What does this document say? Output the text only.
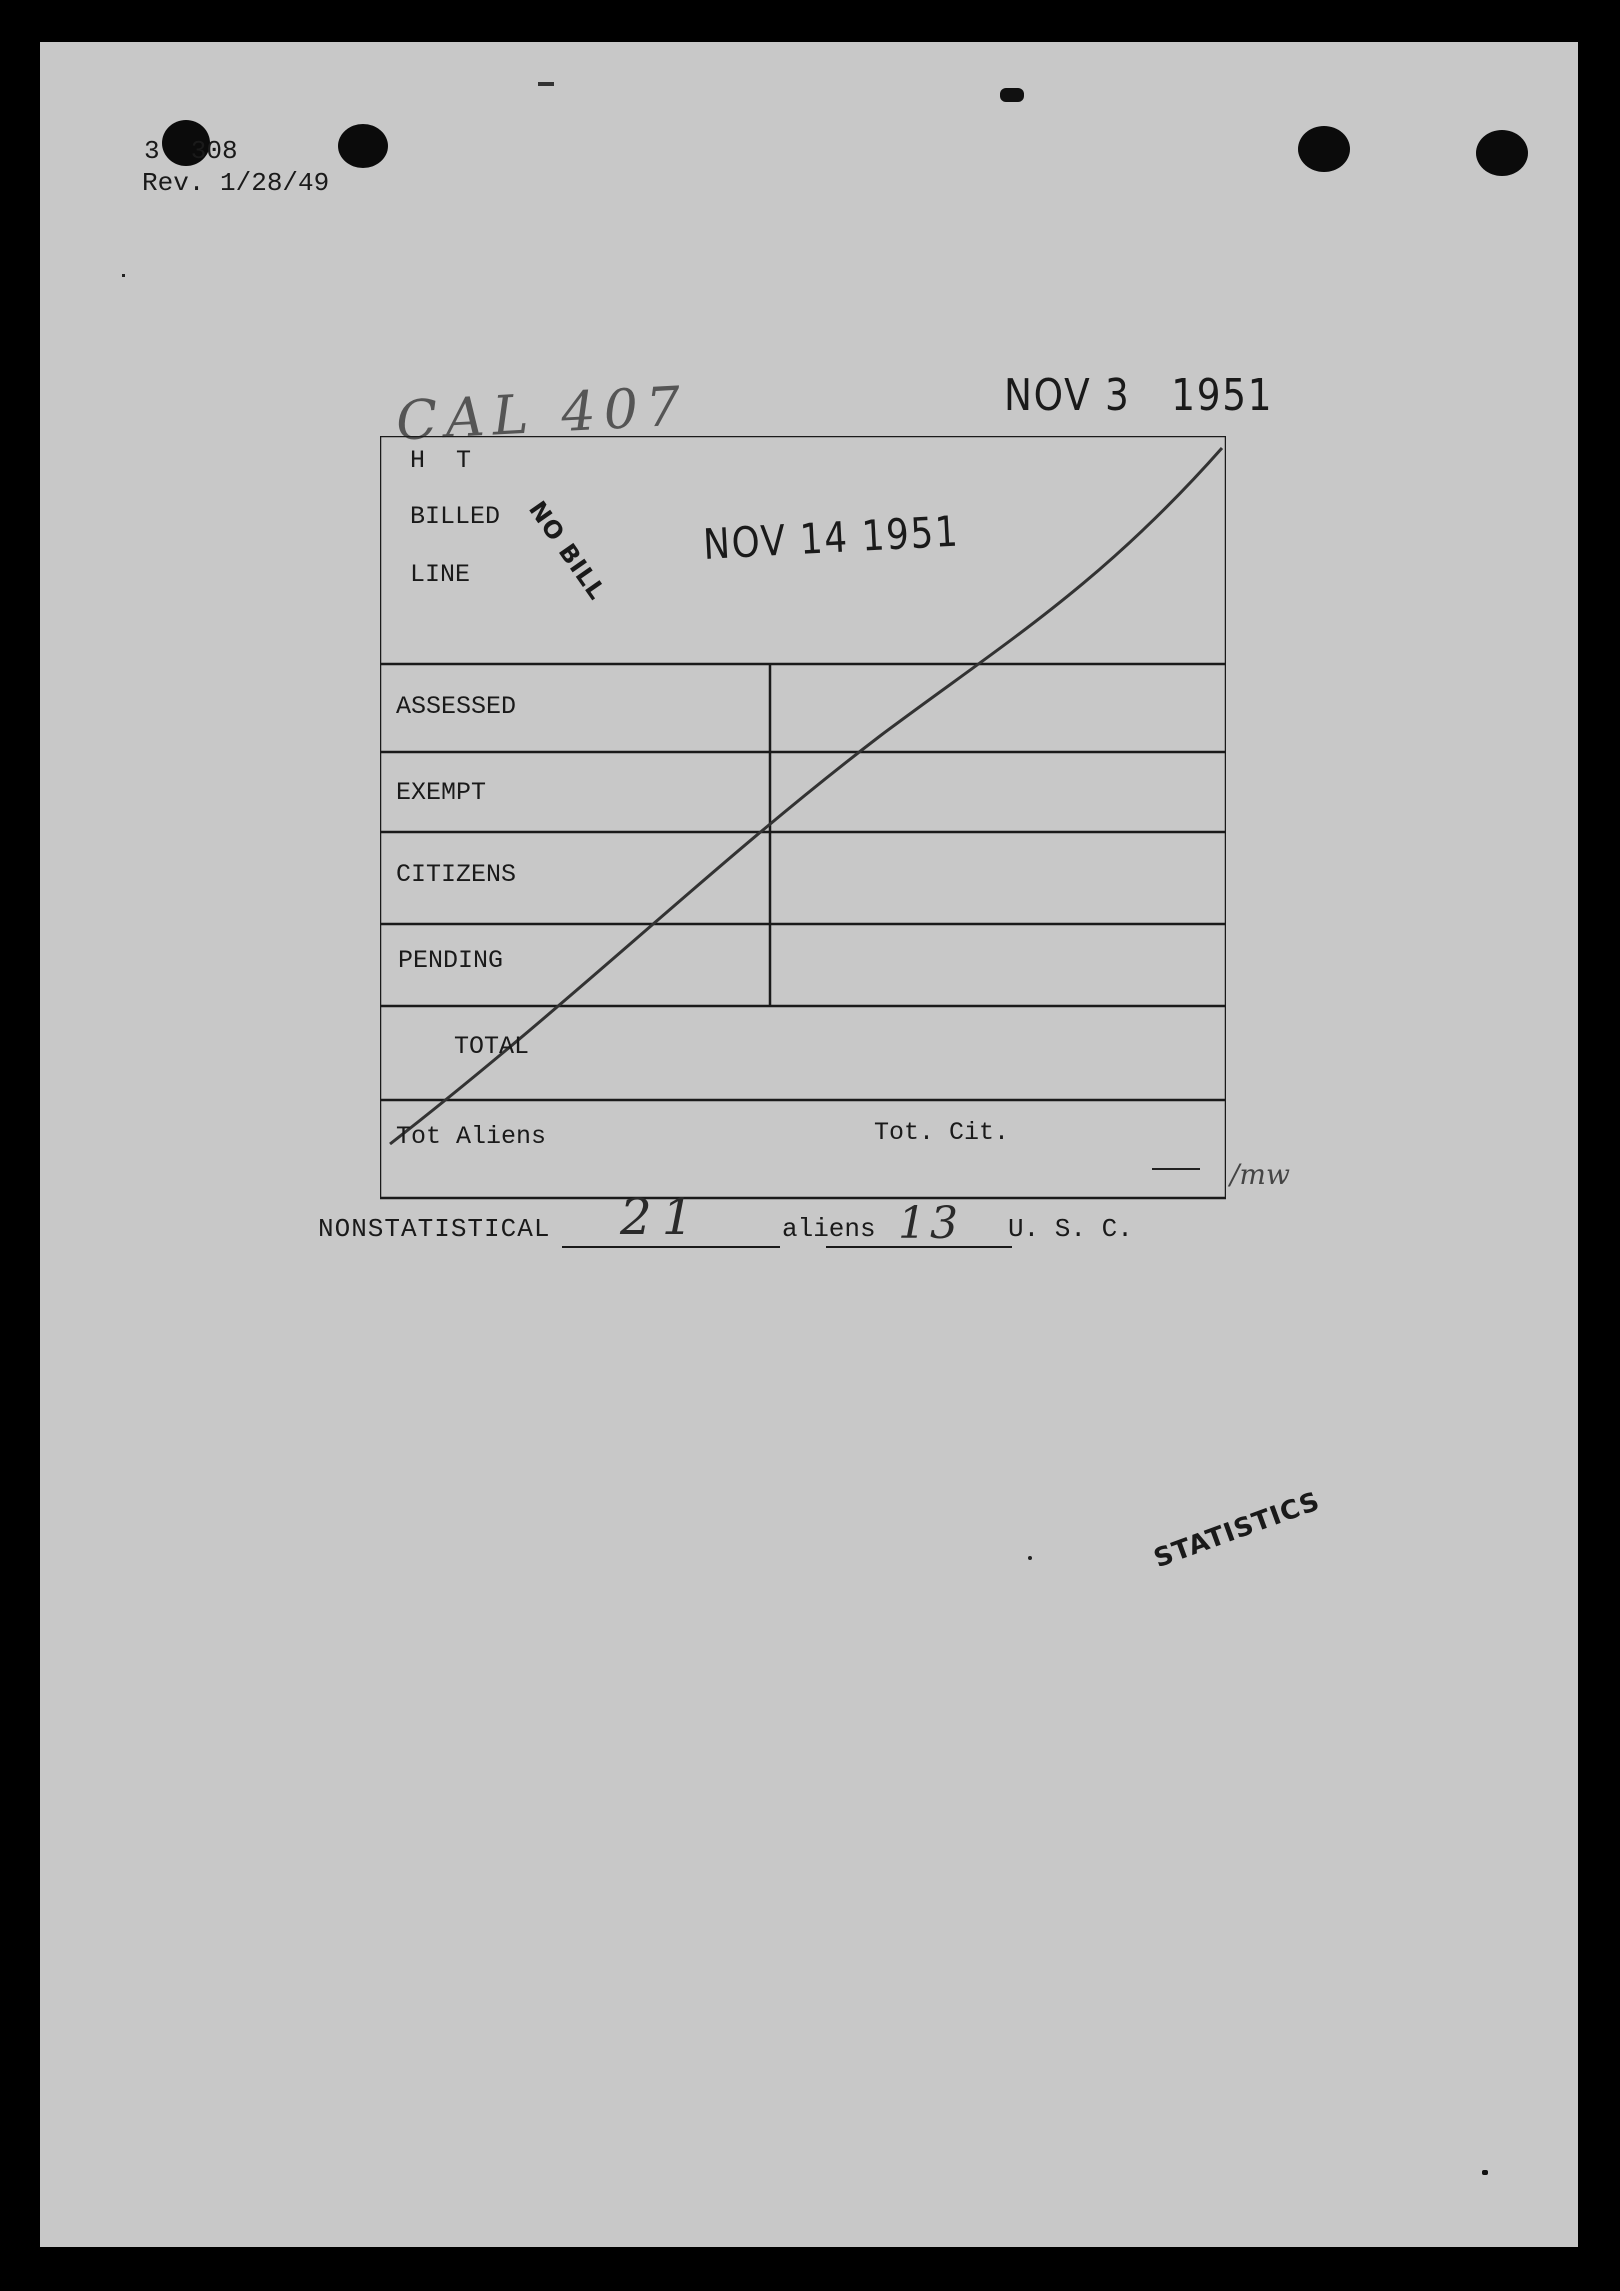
3  308
Rev. 1/28/49
CAL 407	NOV 3   1951
H T
BILLED
LINE NO BILL NOV 14 1951
ASSESSED
EXEMPT
CITIZENS
PENDING
TOTAL
Tot Aliens	Tot. Cit.
/mw
NONSTATISTICAL 21	aliens 13 U. S. C.
STATISTICS
